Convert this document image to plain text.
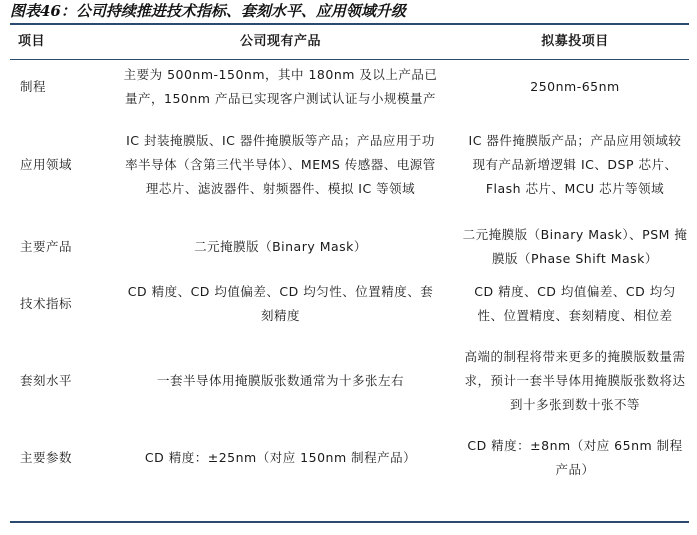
图表46：公司持续推进技术指标、套刻水平、应用领域升级
项目	公司现有产品	拟募投项目
制程	主要为 500nm-150nm，其中 180nm 及以上产品已量产，150nm 产品已实现客户测试认证与小规模量产	250nm-65nm
应用领域	IC 封装掩膜版、IC 器件掩膜版等产品；产品应用于功率半导体（含第三代半导体）、MEMS 传感器、电源管理芯片、滤波器件、射频器件、模拟 IC 等领域	IC 器件掩膜版产品；产品应用领域较现有产品新增逻辑 IC、DSP 芯片、Flash 芯片、MCU 芯片等领域
主要产品	二元掩膜版（Binary Mask）	二元掩膜版（Binary Mask）、PSM 掩膜版（Phase Shift Mask）
技术指标	CD 精度、CD 均值偏差、CD 均匀性、位置精度、套刻精度	CD 精度、CD 均值偏差、CD 均匀性、位置精度、套刻精度、相位差
套刻水平	一套半导体用掩膜版张数通常为十多张左右	高端的制程将带来更多的掩膜版数量需求，预计一套半导体用掩膜版张数将达到十多张到数十张不等
主要参数	CD 精度：±25nm（对应 150nm 制程产品）	CD 精度：±8nm（对应 65nm 制程产品）
